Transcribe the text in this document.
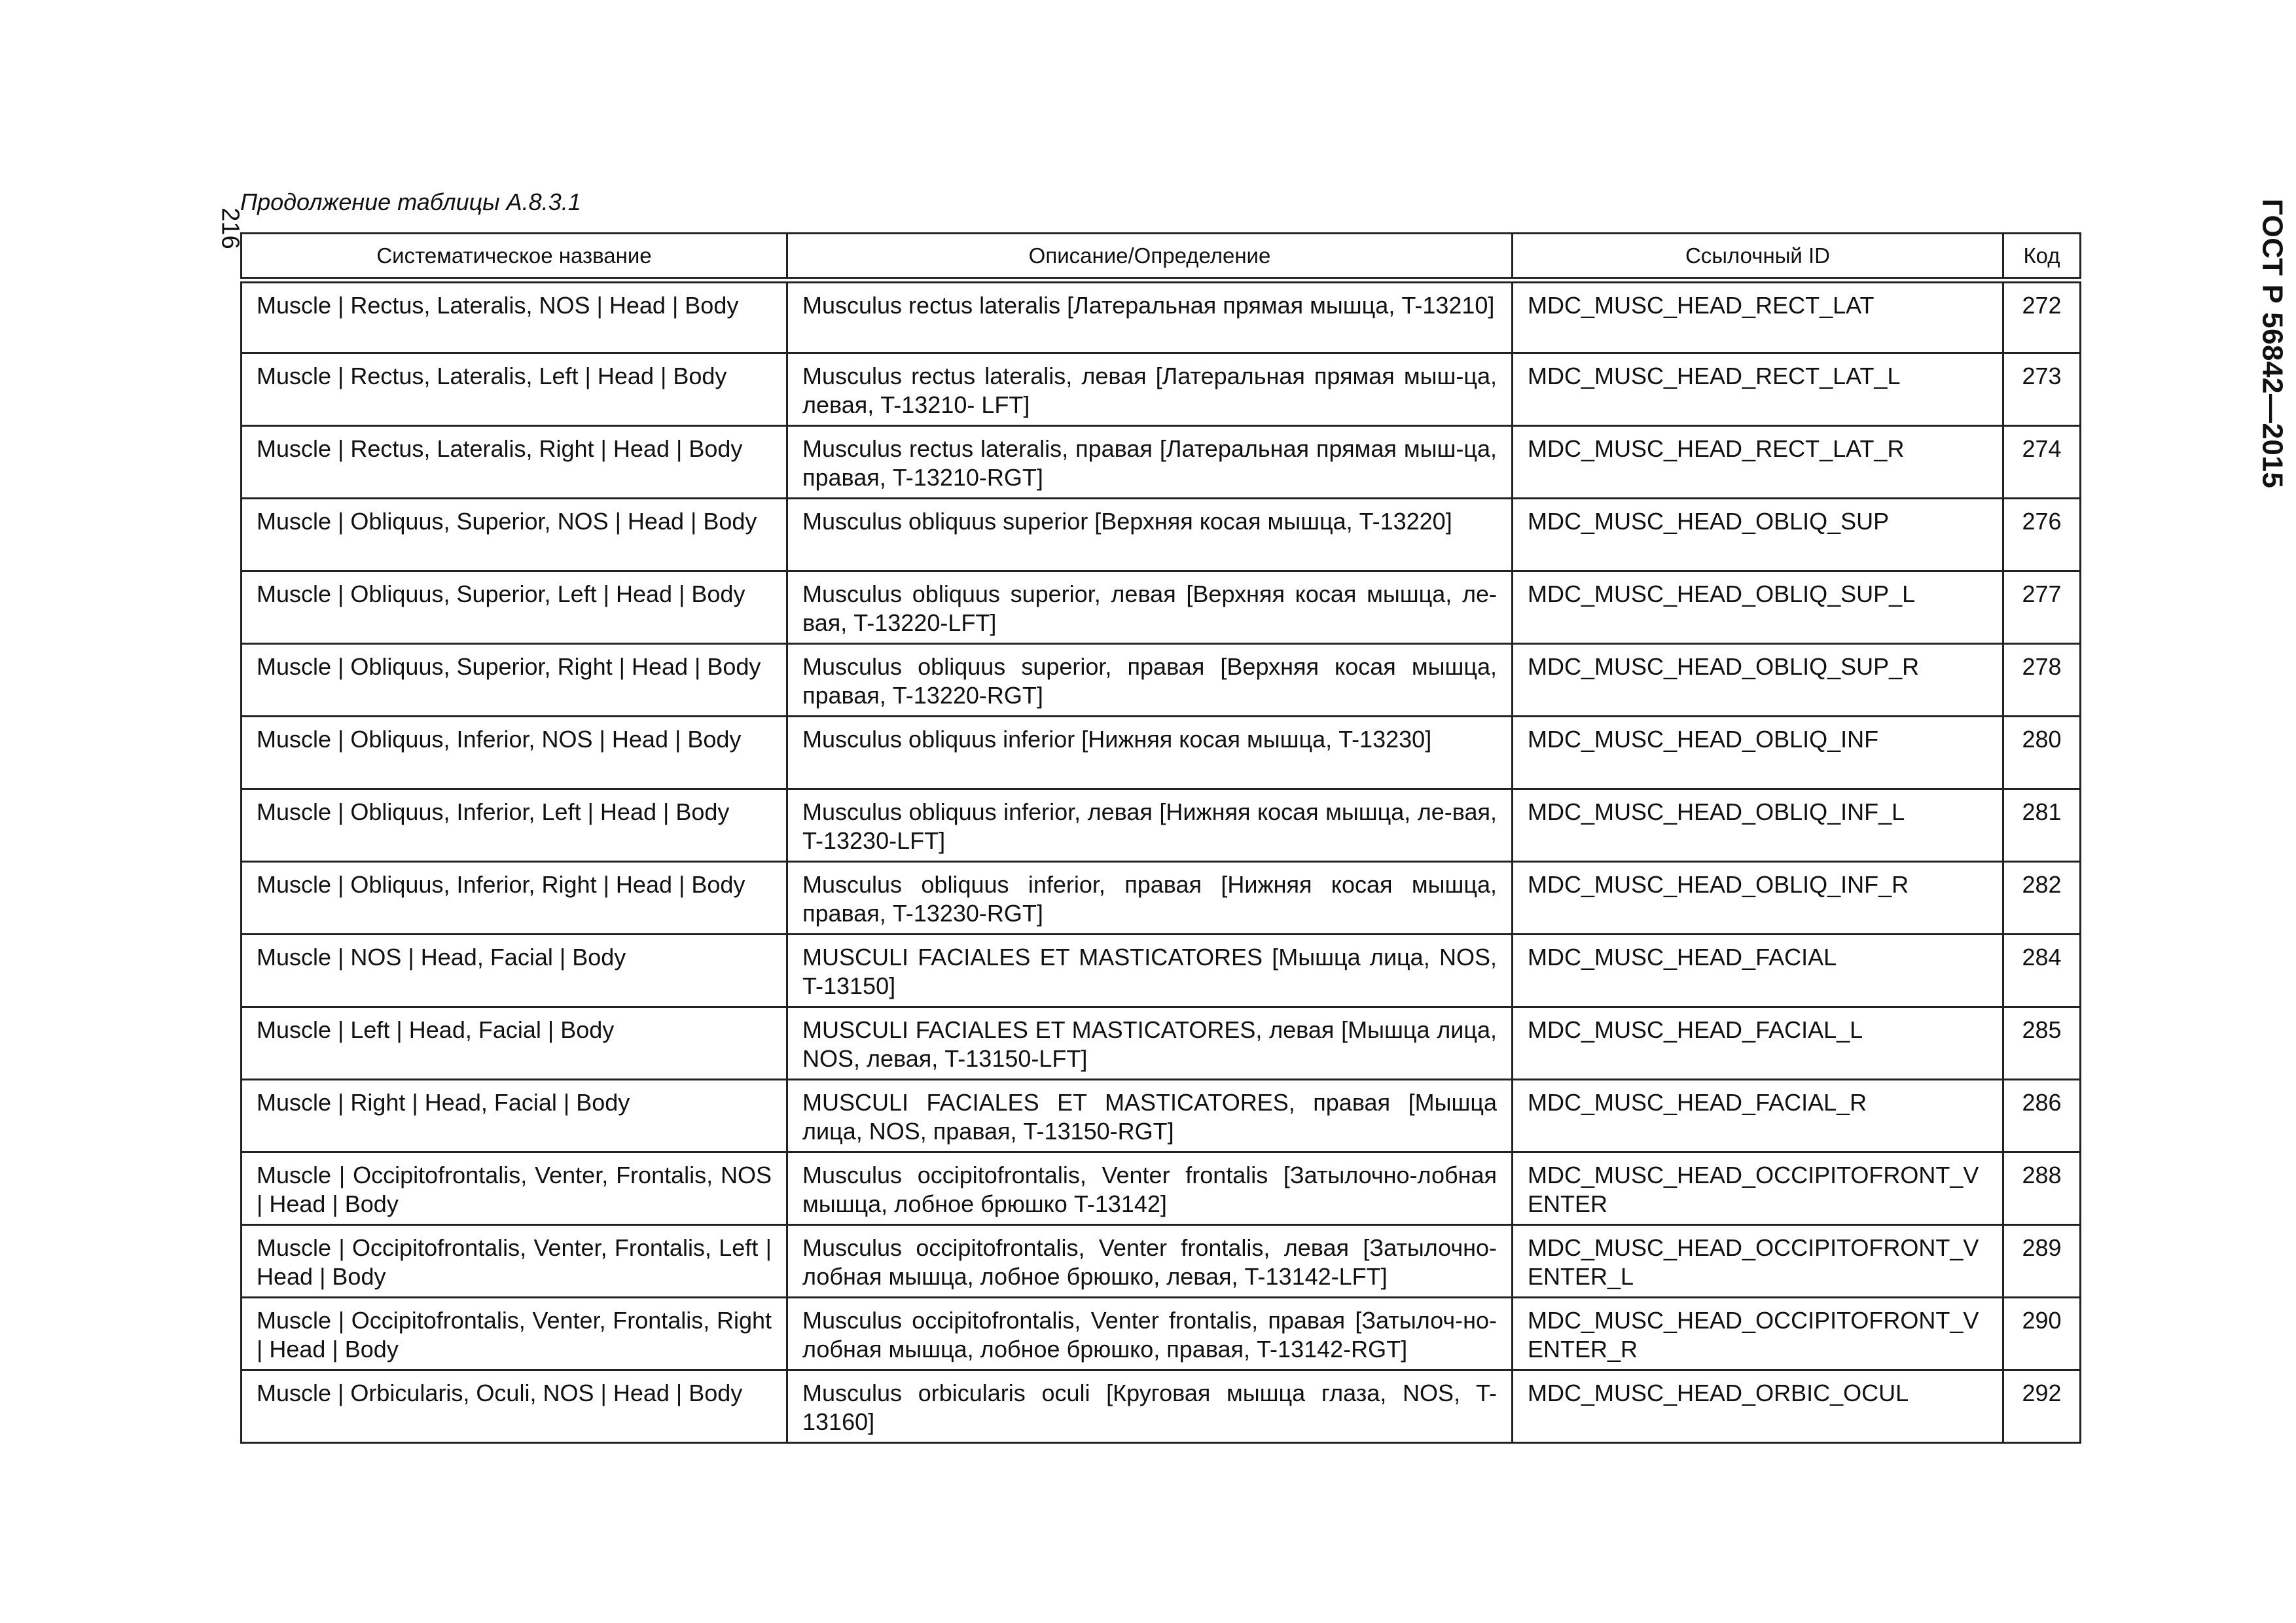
216	ГОСТ Р 56842—2015
Продолжение таблицы А.8.3.1
Систематическое название	Описание/Определение	Ссылочный ID	Код
Muscle | Rectus, Lateralis, NOS | Head | Body	Musculus rectus lateralis [Латеральная прямая мышца, T-13210]	MDC_MUSC_HEAD_RECT_LAT	272
Muscle | Rectus, Lateralis, Left | Head | Body	Musculus rectus lateralis, левая [Латеральная прямая мыш-ца, левая, T-13210- LFT]	MDC_MUSC_HEAD_RECT_LAT_L	273
Muscle | Rectus, Lateralis, Right | Head | Body	Musculus rectus lateralis, правая [Латеральная прямая мыш-ца, правая, T-13210-RGT]	MDC_MUSC_HEAD_RECT_LAT_R	274
Muscle | Obliquus, Superior, NOS | Head | Body	Musculus obliquus superior [Верхняя косая мышца, T-13220]	MDC_MUSC_HEAD_OBLIQ_SUP	276
Muscle | Obliquus, Superior, Left | Head | Body	Musculus obliquus superior, левая [Верхняя косая мышца, ле-вая, T-13220-LFT]	MDC_MUSC_HEAD_OBLIQ_SUP_L	277
Muscle | Obliquus, Superior, Right | Head | Body	Musculus obliquus superior, правая [Верхняя косая мышца, правая, T-13220-RGT]	MDC_MUSC_HEAD_OBLIQ_SUP_R	278
Muscle | Obliquus, Inferior, NOS | Head | Body	Musculus obliquus inferior [Нижняя косая мышца, T-13230]	MDC_MUSC_HEAD_OBLIQ_INF	280
Muscle | Obliquus, Inferior, Left | Head | Body	Musculus obliquus inferior, левая [Нижняя косая мышца, ле-вая, T-13230-LFT]	MDC_MUSC_HEAD_OBLIQ_INF_L	281
Muscle | Obliquus, Inferior, Right | Head | Body	Musculus obliquus inferior, правая [Нижняя косая мышца, правая, T-13230-RGT]	MDC_MUSC_HEAD_OBLIQ_INF_R	282
Muscle | NOS | Head, Facial | Body	MUSCULI FACIALES ET MASTICATORES [Мышца лица, NOS, T-13150]	MDC_MUSC_HEAD_FACIAL	284
Muscle | Left | Head, Facial | Body	MUSCULI FACIALES ET MASTICATORES, левая [Мышца лица, NOS, левая, T-13150-LFT]	MDC_MUSC_HEAD_FACIAL_L	285
Muscle | Right | Head, Facial | Body	MUSCULI FACIALES ET MASTICATORES, правая [Мышца лица, NOS, правая, T-13150-RGT]	MDC_MUSC_HEAD_FACIAL_R	286
Muscle | Occipitofrontalis, Venter, Frontalis, NOS | Head | Body	Musculus occipitofrontalis, Venter frontalis [Затылочно-лобная мышца, лобное брюшко T-13142]	MDC_MUSC_HEAD_OCCIPITOFRONT_VENTER	288
Muscle | Occipitofrontalis, Venter, Frontalis, Left | Head | Body	Musculus occipitofrontalis, Venter frontalis, левая [Затылочно-лобная мышца, лобное брюшко, левая, T-13142-LFT]	MDC_MUSC_HEAD_OCCIPITOFRONT_VENTER_L	289
Muscle | Occipitofrontalis, Venter, Frontalis, Right | Head | Body	Musculus occipitofrontalis, Venter frontalis, правая [Затылоч-но-лобная мышца, лобное брюшко, правая, T-13142-RGT]	MDC_MUSC_HEAD_OCCIPITOFRONT_VENTER_R	290
Muscle | Orbicularis, Oculi, NOS | Head | Body	Musculus orbicularis oculi [Круговая мышца глаза, NOS, T-13160]	MDC_MUSC_HEAD_ORBIC_OCUL	292
